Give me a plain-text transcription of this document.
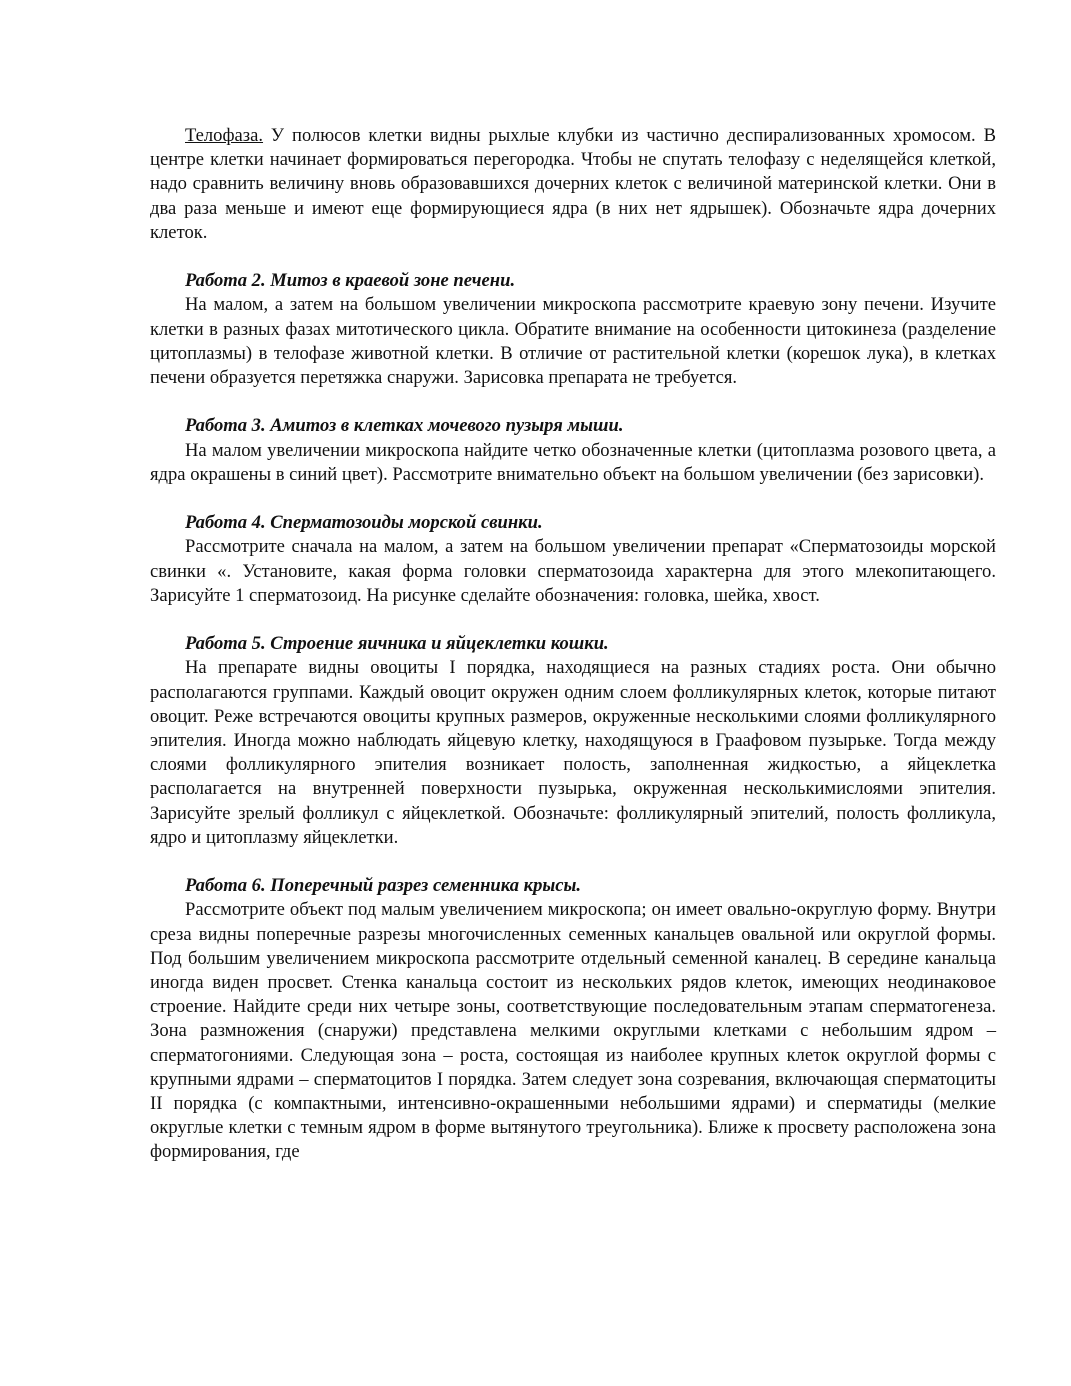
Телофаза. У полюсов клетки видны рыхлые клубки из частично деспирализованных хромосом. В центре клетки начинает формироваться перегородка. Чтобы не спутать телофазу с неделящейся клеткой, надо сравнить величину вновь образовавшихся дочерних клеток с величиной материнской клетки. Они в два раза меньше и имеют еще формирующиеся ядра (в них нет ядрышек). Обозначьте ядра дочерних клеток.

Работа 2. Митоз в краевой зоне печени.

На малом, а затем на большом увеличении микроскопа рассмотрите краевую зону печени. Изучите клетки в разных фазах митотического цикла. Обратите внимание на особенности цитокинеза (разделение цитоплазмы) в телофазе животной клетки. В отличие от растительной клетки (корешок лука), в клетках печени образуется перетяжка снаружи. Зарисовка препарата не требуется.

Работа 3. Амитоз в клетках мочевого пузыря мыши.

На малом увеличении микроскопа найдите четко обозначенные клетки (цитоплазма розового цвета, а ядра окрашены в синий цвет). Рассмотрите внимательно объект на большом увеличении (без зарисовки).

Работа 4. Сперматозоиды морской свинки.

Рассмотрите сначала на малом, а затем на большом увеличении препарат «Сперматозоиды морской свинки «. Установите, какая форма головки сперматозоида характерна для этого млекопитающего. Зарисуйте 1 сперматозоид. На рисунке сделайте обозначения: головка, шейка, хвост.

Работа 5. Строение яичника и яйцеклетки кошки.

На препарате видны овоциты I порядка, находящиеся на разных стадиях роста. Они обычно располагаются группами. Каждый овоцит окружен одним слоем фолликулярных клеток, которые питают овоцит. Реже встречаются овоциты крупных размеров, окруженные несколькими слоями фолликулярного эпителия. Иногда можно наблюдать яйцевую клетку, находящуюся в Граафовом пузырьке. Тогда между слоями фолликулярного эпителия возникает полость, заполненная жидкостью, а яйцеклетка располагается на внутренней поверхности пузырька, окруженная несколькимислоями эпителия. Зарисуйте зрелый фолликул с яйцеклеткой. Обозначьте: фолликулярный эпителий, полость фолликула, ядро и цитоплазму яйцеклетки.

Работа 6. Поперечный разрез семенника крысы.

Рассмотрите объект под малым увеличением микроскопа; он имеет овально-округлую форму. Внутри среза видны поперечные разрезы многочисленных семенных канальцев овальной или округлой формы. Под большим увеличением микроскопа рассмотрите отдельный семенной каналец. В середине канальца иногда виден просвет. Стенка канальца состоит из нескольких рядов клеток, имеющих неодинаковое строение. Найдите среди них четыре зоны, соответствующие последовательным этапам сперматогенеза. Зона размножения (снаружи) представлена мелкими округлыми клетками с небольшим ядром – сперматогониями. Следующая зона – роста, состоящая из наиболее крупных клеток округлой формы с крупными ядрами – сперматоцитов I порядка. Затем следует зона созревания, включающая сперматоциты II порядка (с компактными, интенсивно-окрашенными небольшими ядрами) и сперматиды (мелкие округлые клетки с темным ядром в форме вытянутого треугольника). Ближе к просвету расположена зона формирования, где
